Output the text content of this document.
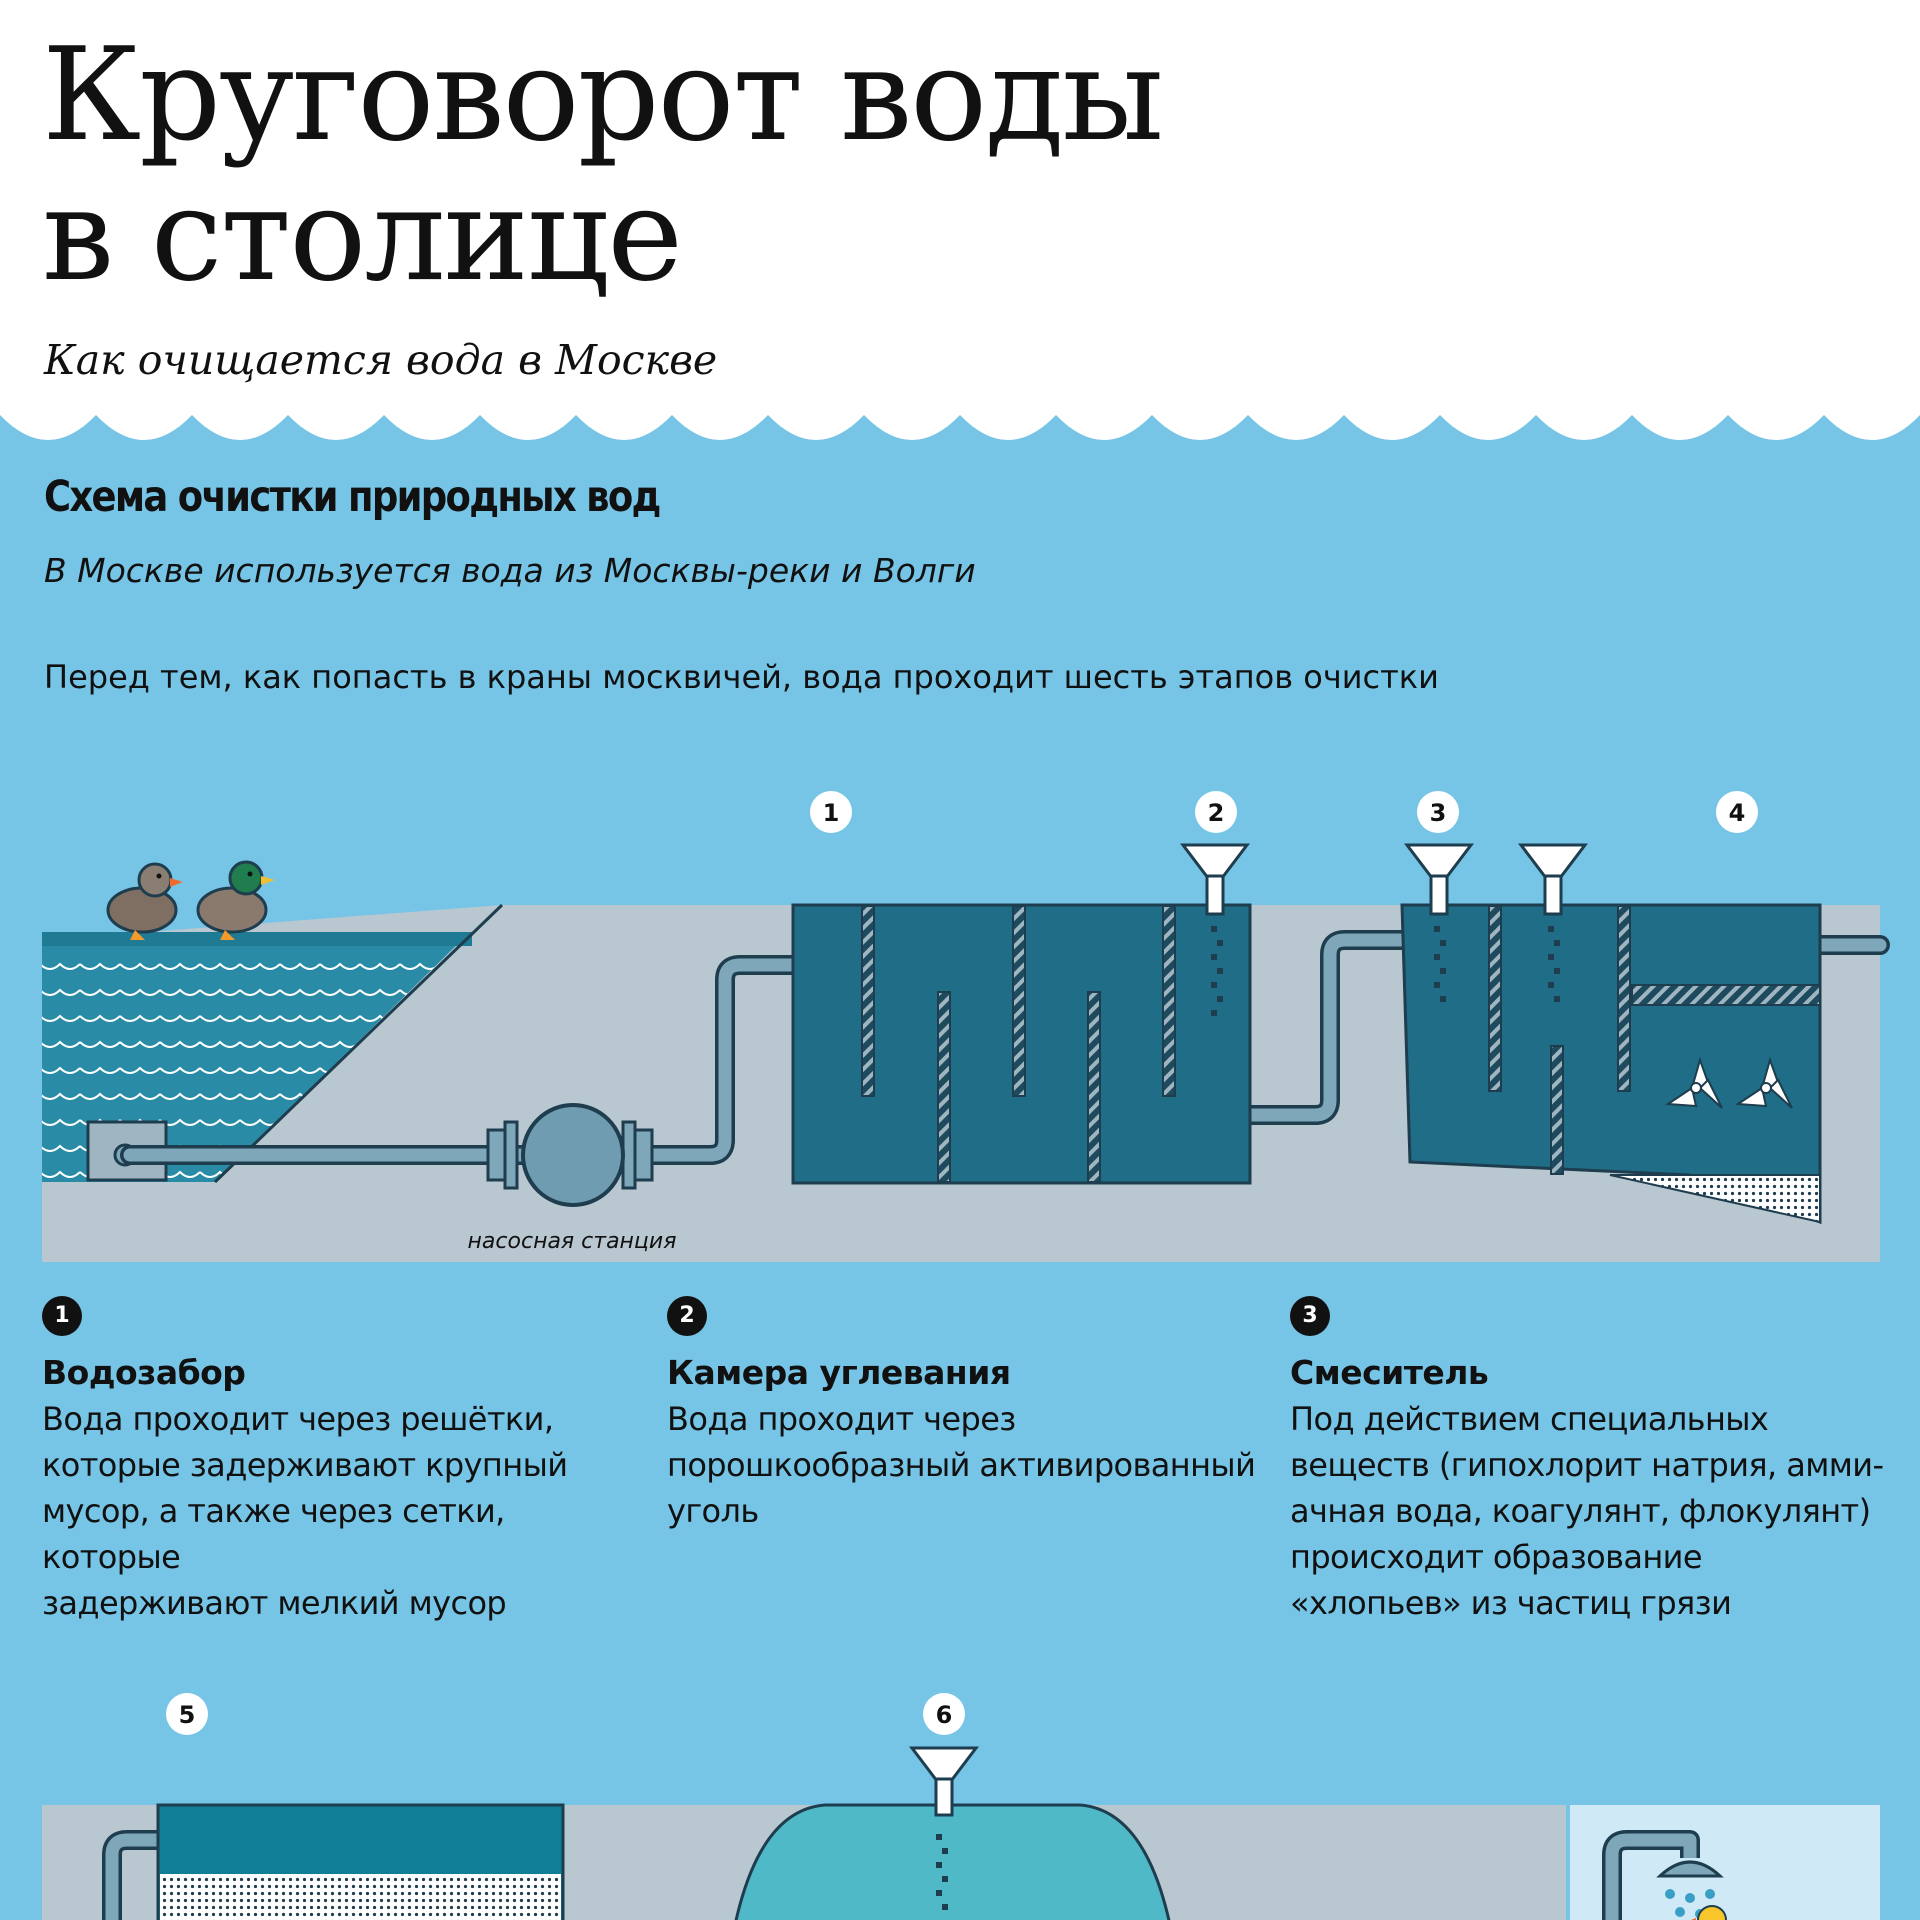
Круговорот воды
в столице

Как очищается вода в Москве

Схема очистки природных вод

В Москве используется вода из Москвы-реки и Волги

Перед тем, как попасть в краны москвичей, вода проходит шесть этапов очистки

насосная станция
1	2	3	4
1

Водозабор

Вода проходит через решётки,
которые задерживают крупный
мусор, а также через сетки, которые
задерживают мелкий мусор

2

Камера углевания

Вода проходит через
порошкообразный активированный
уголь

3

Смеситель

Под действием специальных
веществ (гипохлорит натрия, амми-
ачная вода, коагулянт, флокулянт)
происходит образование
«хлопьев» из частиц грязи

5	6
